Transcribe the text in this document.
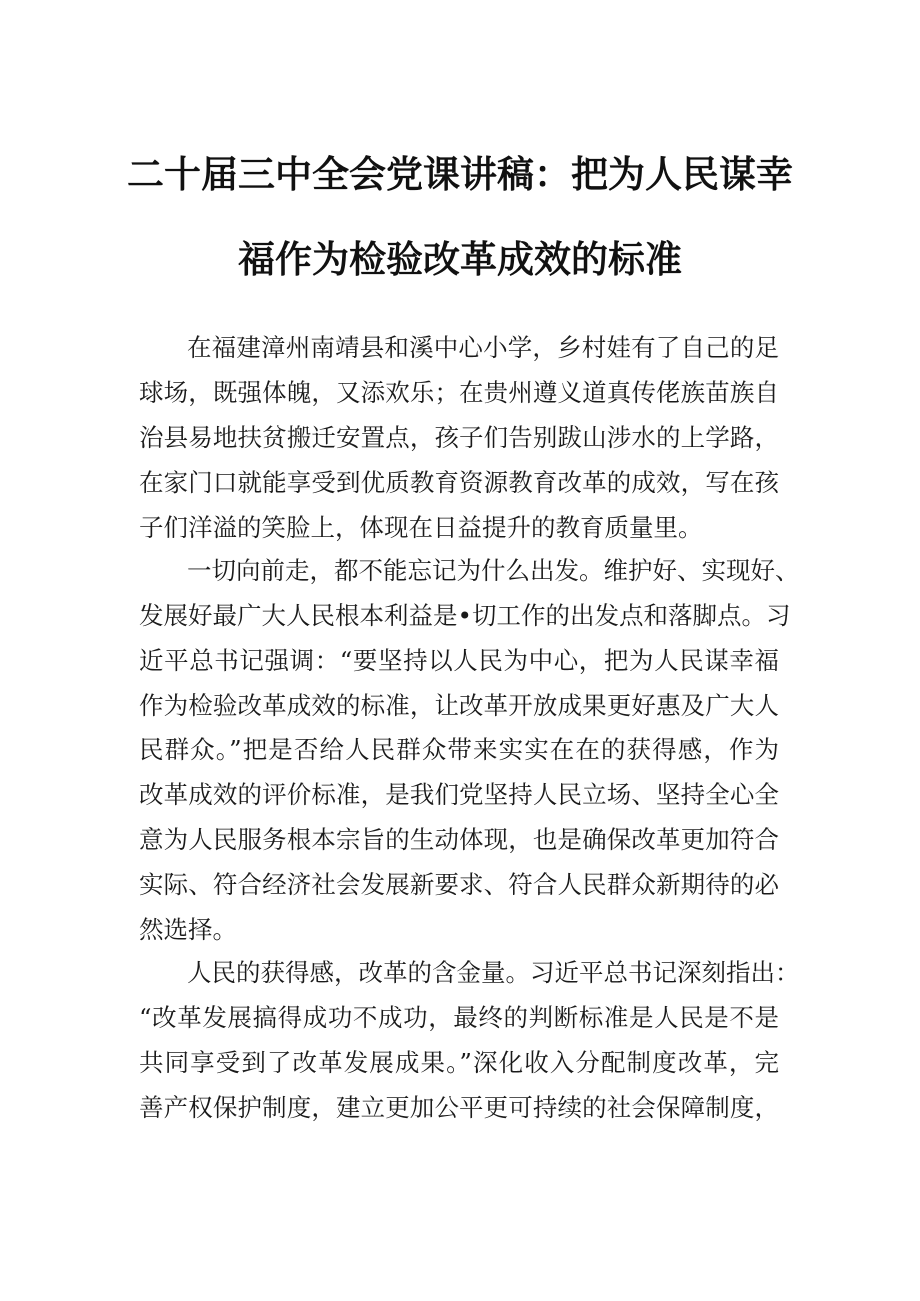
二十届三中全会党课讲稿：把为人民谋幸
福作为检验改革成效的标准

在福建漳州南靖县和溪中心小学，乡村娃有了自己的足

球场，既强体魄，又添欢乐；在贵州遵义道真传佬族苗族自

治县易地扶贫搬迁安置点，孩子们告别跋山涉水的上学路，

在家门口就能享受到优质教育资源教育改革的成效，写在孩

子们洋溢的笑脸上，体现在日益提升的教育质量里。

一切向前走，都不能忘记为什么出发。维护好、实现好、

发展好最广大人民根本利益是•切工作的出发点和落脚点。习

近平总书记强调：“要坚持以人民为中心，把为人民谋幸福

作为检验改革成效的标准，让改革开放成果更好惠及广大人

民群众。”把是否给人民群众带来实实在在的获得感，作为

改革成效的评价标准，是我们党坚持人民立场、坚持全心全

意为人民服务根本宗旨的生动体现，也是确保改革更加符合

实际、符合经济社会发展新要求、符合人民群众新期待的必

然选择。

人民的获得感，改革的含金量。习近平总书记深刻指出：

“改革发展搞得成功不成功，最终的判断标准是人民是不是

共同享受到了改革发展成果。”深化收入分配制度改革，完

善产权保护制度，建立更加公平更可持续的社会保障制度，
